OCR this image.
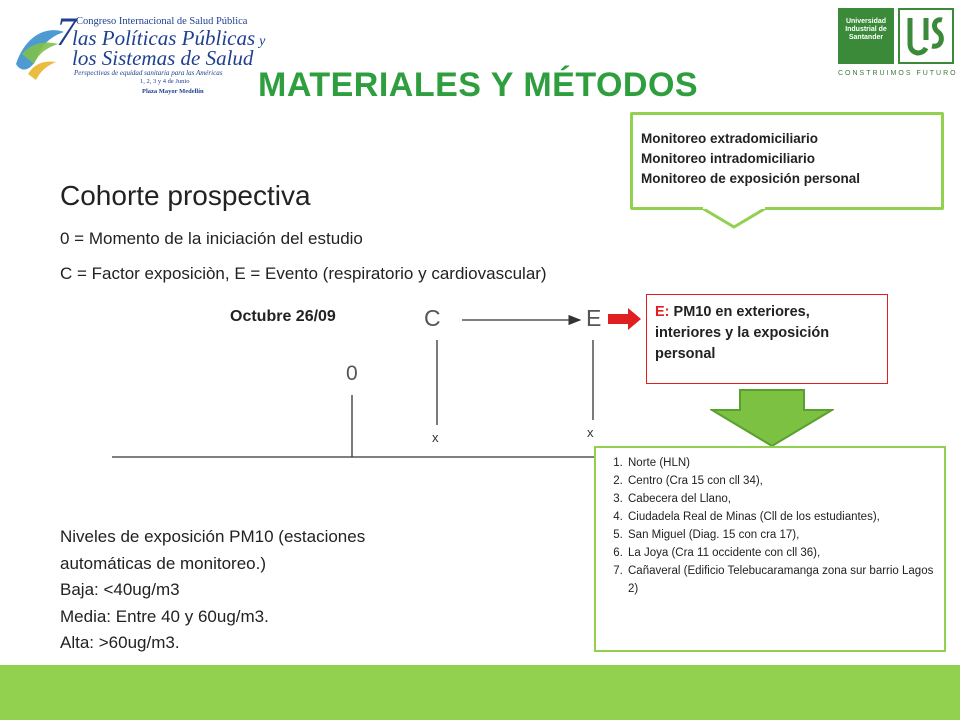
7 Congreso Internacional de Salud Pública
las Políticas Públicas y
los Sistemas de Salud
Perspectivas de equidad sanitaria para las Américas
1, 2, 3 y 4 de Junio
Plaza Mayor Medellín
Universidad Industrial de Santander
CONSTRUIMOS FUTURO
MATERIALES Y MÉTODOS
Monitoreo extradomiciliario
Monitoreo intradomiciliario
Monitoreo de exposición personal
Cohorte prospectiva
0 = Momento de la iniciación del estudio
C = Factor exposiciòn, E = Evento (respiratorio y cardiovascular)
Octubre 26/09	C	E
0
x	x
E: PM10 en exteriores, interiores y la exposición personal
1. Norte (HLN)
2. Centro (Cra 15 con cll 34),
3. Cabecera del Llano,
4. Ciudadela Real de Minas (Cll de los estudiantes),
5. San Miguel (Diag. 15 con cra 17),
6. La Joya (Cra 11 occidente con cll 36),
7. Cañaveral (Edificio Telebucaramanga zona sur barrio Lagos 2)
Niveles de exposición PM10 (estaciones
automáticas de monitoreo.)
Baja: <40ug/m3
Media: Entre 40 y 60ug/m3.
Alta: >60ug/m3.
